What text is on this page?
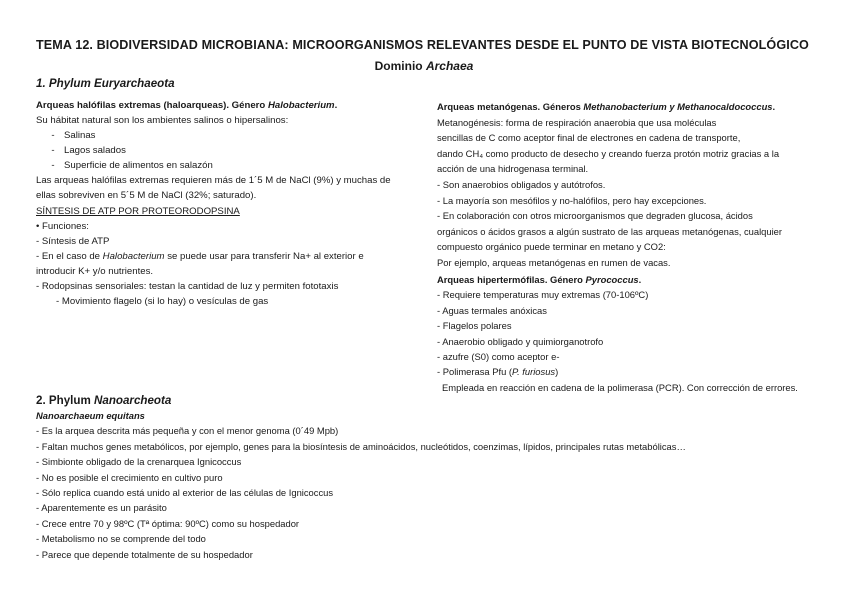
TEMA 12. BIODIVERSIDAD MICROBIANA: MICROORGANISMOS RELEVANTES DESDE EL PUNTO DE VISTA BIOTECNOLÓGICO
Dominio Archaea
1. Phylum Euryarchaeota
Arqueas halófilas extremas (haloarqueas). Género Halobacterium.
Su hábitat natural son los ambientes salinos o hipersalinos:
- Salinas
- Lagos salados
- Superficie de alimentos en salazón
Las arqueas halófilas extremas requieren más de 1´5 M de NaCl (9%) y muchas de
ellas sobreviven en 5´5 M de NaCl (32%; saturado).
SÍNTESIS DE ATP POR PROTEORODOPSINA
• Funciones:
- Síntesis de ATP
- En el caso de Halobacterium se puede usar para transferir Na+ al exterior e
introducir K+ y/o nutrientes.
- Rodopsinas sensoriales: testan la cantidad de luz y permiten fototaxis
- Movimiento flagelo (si lo hay) o vesículas de gas
Arqueas metanógenas. Géneros Methanobacterium y Methanocaldococcus.
Metanogénesis: forma de respiración anaerobia que usa moléculas
sencillas de C como aceptor final de electrones en cadena de transporte,
dando CH₄ como producto de desecho y creando fuerza protón motriz gracias a la
acción de una hidrogenasa terminal.
- Son anaerobios obligados y autótrofos.
- La mayoría son mesófilos y no-halófilos, pero hay excepciones.
- En colaboración con otros microorganismos que degraden glucosa, ácidos
orgánicos o ácidos grasos a algún sustrato de las arqueas metanógenas, cualquier
compuesto orgánico puede terminar en metano y CO2:
Por ejemplo, arqueas metanógenas en rumen de vacas.
Arqueas hipertermófilas. Género Pyrococcus.
- Requiere temperaturas muy extremas (70-106ºC)
- Aguas termales anóxicas
- Flagelos polares
- Anaerobio obligado y quimiorganotrofo
- azufre (S0) como aceptor e-
- Polimerasa Pfu (P. furiosus)
Empleada en reacción en cadena de la polimerasa (PCR). Con corrección de errores.
2. Phylum Nanoarcheota
Nanoarchaeum equitans
- Es la arquea descrita más pequeña y con el menor genoma (0´49 Mpb)
- Faltan muchos genes metabólicos, por ejemplo, genes para la biosíntesis de aminoácidos, nucleótidos, coenzimas, lípidos, principales rutas metabólicas…
- Simbionte obligado de la crenarquea Ignicoccus
- No es posible el crecimiento en cultivo puro
- Sólo replica cuando está unido al exterior de las células de Ignicoccus
- Aparentemente es un parásito
- Crece entre 70 y 98ºC (Tª óptima: 90ºC) como su hospedador
- Metabolismo no se comprende del todo
- Parece que depende totalmente de su hospedador
